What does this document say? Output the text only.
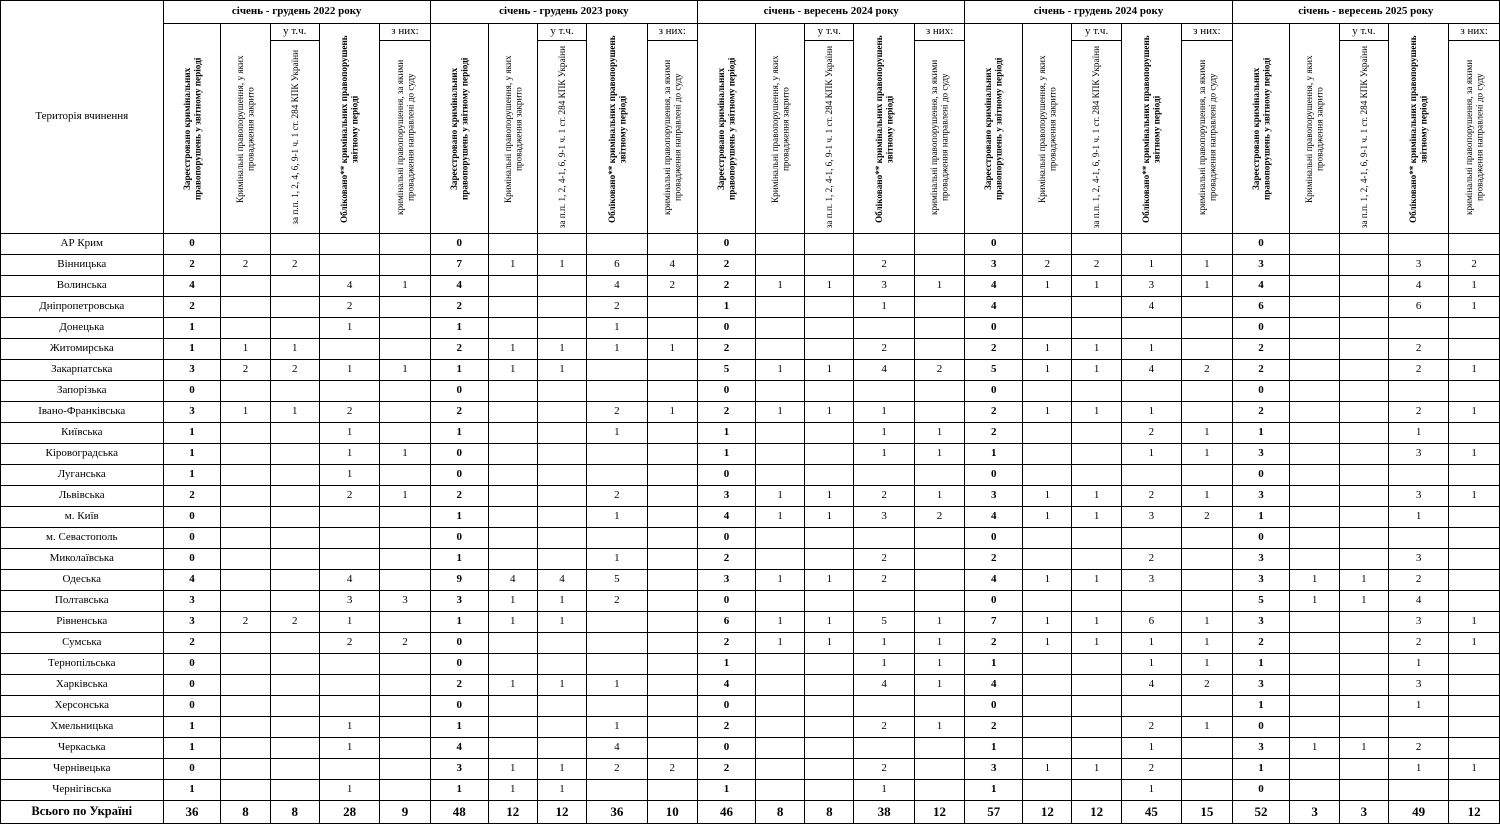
Територія вчинення	січень - грудень 2022 року					січень - грудень 2023 року					січень - вересень 2024 року					січень - грудень 2024 року					січень - вересень 2025 року				

	Зареєстровано кримінальних правопорушень у звітному періоді	Кримінальні правопорушення, у яких провадження закрито	у т.ч.	Обліковано** кримінальних правопорушень звітному періоді	з них:	Зареєстровано кримінальних правопорушень у звітному періоді	Кримінальні правопорушення, у яких провадження закрито	у т.ч.	Обліковано** кримінальних правопорушень звітному періоді	з них:	Зареєстровано кримінальних правопорушень у звітному періоді	Кримінальні правопорушення, у яких провадження закрито	у т.ч.	Обліковано** кримінальних правопорушень звітному періоді	з них:	Зареєстровано кримінальних правопорушень у звітному періоді	Кримінальні правопорушення, у яких провадження закрито	у т.ч.	Обліковано** кримінальних правопорушень звітному періоді	з них:	Зареєстровано кримінальних правопорушень у звітному періоді	Кримінальні правопорушення, у яких провадження закрито	у т.ч.	Обліковано** кримінальних правопорушень звітному періоді	з них:

			за п.п. 1, 2, 4, 6, 9-1 ч. 1 ст. 284 КПК України		кримінальні правопорушення, за якими провадження направлені до суду			за п.п. 1, 2, 4-1, 6, 9-1 ч. 1 ст. 284 КПК України		кримінальні правопорушення, за якими провадження направлені до суду			за п.п. 1, 2, 4-1, 6, 9-1 ч. 1 ст. 284 КПК України		кримінальні правопорушення, за якими провадження направлені до суду			за п.п. 1, 2, 4-1, 6, 9-1 ч. 1 ст. 284 КПК України		кримінальні правопорушення, за якими провадження направлені до суду			за п.п. 1, 2, 4-1, 6, 9-1 ч. 1 ст. 284 КПК України		кримінальні правопорушення, за якими провадження направлені до суду

АР Крим	0					0					0					0					0				
Вінницька	2	2	2			7	1	1	6	4	2			2		3	2	2	1	1	3			3	2
Волинська	4			4	1	4			4	2	2	1	1	3	1	4	1	1	3	1	4			4	1
Дніпропетровська	2			2		2			2		1			1		4			4		6			6	1
Донецька	1			1		1			1		0					0					0				
Житомирська	1	1	1			2	1	1	1	1	2			2		2	1	1	1		2			2	
Закарпатська	3	2	2	1	1	1	1	1			5	1	1	4	2	5	1	1	4	2	2			2	1
Запорізька	0					0					0					0					0				
Івано-Франківська	3	1	1	2		2			2	1	2	1	1	1		2	1	1	1		2			2	1
Київська	1			1		1			1		1			1	1	2			2	1	1			1	
Кіровоградська	1			1	1	0					1			1	1	1			1	1	3			3	1
Луганська	1			1		0					0					0					0				
Львівська	2			2	1	2			2		3	1	1	2	1	3	1	1	2	1	3			3	1
м. Київ	0					1			1		4	1	1	3	2	4	1	1	3	2	1			1	
м. Севастополь	0					0					0					0					0				
Миколаївська	0					1			1		2			2		2			2		3			3	
Одеська	4			4		9	4	4	5		3	1	1	2		4	1	1	3		3	1	1	2	
Полтавська	3			3	3	3	1	1	2		0					0					5	1	1	4	
Рівненська	3	2	2	1		1	1	1			6	1	1	5	1	7	1	1	6	1	3			3	1
Сумська	2			2	2	0					2	1	1	1	1	2	1	1	1	1	2			2	1
Тернопільська	0					0					1			1	1	1			1	1	1			1	
Харківська	0					2	1	1	1		4			4	1	4			4	2	3			3	
Херсонська	0					0					0					0					1			1	
Хмельницька	1			1		1			1		2			2	1	2			2	1	0				
Черкаська	1			1		4			4		0					1			1		3	1	1	2	
Чернівецька	0					3	1	1	2	2	2			2		3	1	1	2		1			1	1
Чернігівська	1			1		1	1	1			1			1		1			1		0				
Всього по Україні	36	8	8	28	9	48	12	12	36	10	46	8	8	38	12	57	12	12	45	15	52	3	3	49	12
